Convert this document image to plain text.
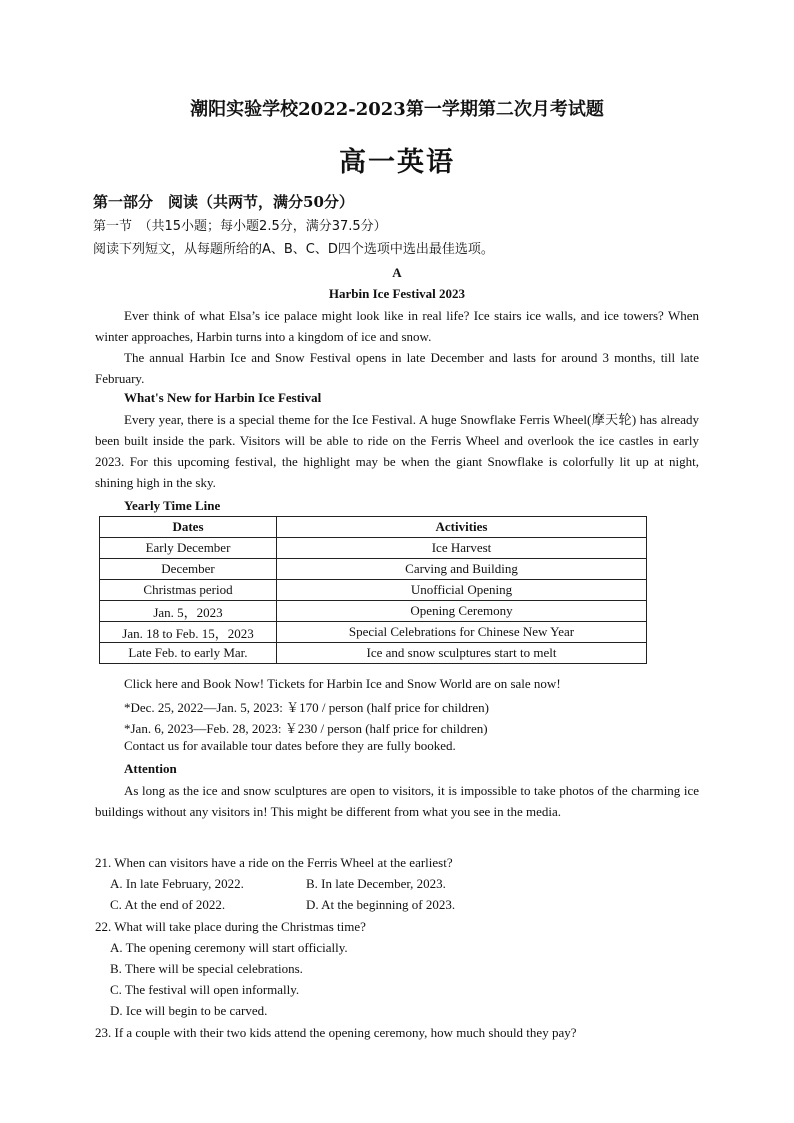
潮阳实验学校2022-2023第一学期第二次月考试题
高一英语
第一部分　阅读（共两节，满分50分）
第一节　（共15小题；每小题2.5分，满分37.5分）
阅读下列短文，从每题所给的A、B、C、D四个选项中选出最佳选项。
A
Harbin Ice Festival 2023

Ever think of what Elsa’s ice palace might look like in real life? Ice stairs ice walls, and ice towers? When winter approaches, Harbin turns into a kingdom of ice and snow.

The annual Harbin Ice and Snow Festival opens in late December and lasts for around 3 months, till late February.

What's New for Harbin Ice Festival

Every year, there is a special theme for the Ice Festival. A huge Snowflake Ferris Wheel(摩天轮) has already been built inside the park. Visitors will be able to ride on the Ferris Wheel and overlook the ice castles in early 2023. For this upcoming festival, the highlight may be when the giant Snowflake is colorfully lit up at night, shining high in the sky.

Yearly Time Line
Dates	Activities
Early December	Ice Harvest
December	Carving and Building
Christmas period	Unofficial Opening
Jan. 5，2023	Opening Ceremony
Jan. 18 to Feb. 15，2023	Special Celebrations for Chinese New Year
Late Feb. to early Mar.	Ice and snow sculptures start to melt
Click here and Book Now! Tickets for Harbin Ice and Snow World are on sale now!
*Dec. 25, 2022—Jan. 5, 2023: ￥170 / person (half price for children)
*Jan. 6, 2023—Feb. 28, 2023: ￥230 / person (half price for children)
Contact us for available tour dates before they are fully booked.
Attention

As long as the ice and snow sculptures are open to visitors, it is impossible to take photos of the charming ice buildings without any visitors in! This might be different from what you see in the media.

21. When can visitors have a ride on the Ferris Wheel at the earliest?
A. In late February, 2022.	B. In late December, 2023.
C. At the end of 2022.	D. At the beginning of 2023.
22. What will take place during the Christmas time?
A. The opening ceremony will start officially.
B. There will be special celebrations.
C. The festival will open informally.
D. Ice will begin to be carved.
23. If a couple with their two kids attend the opening ceremony, how much should they pay?
